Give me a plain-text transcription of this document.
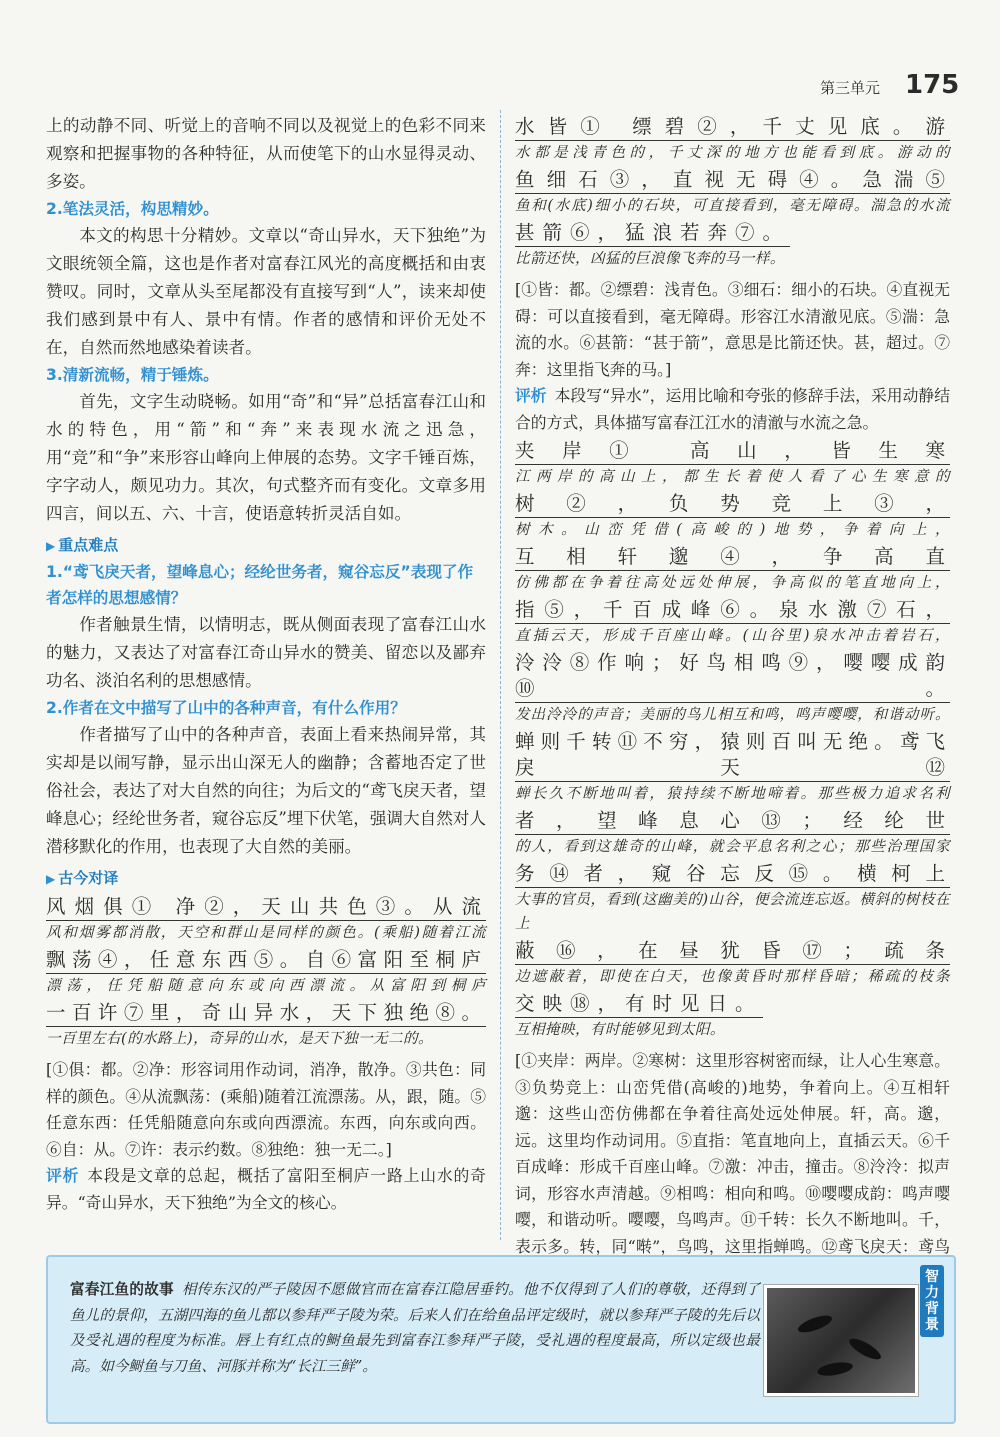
第三单元 175

上的动静不同、听觉上的音响不同以及视觉上的色彩不同来观察和把握事物的各种特征，从而使笔下的山水显得灵动、多姿。

2.笔法灵活，构思精妙。

本文的构思十分精妙。文章以“奇山异水，天下独绝”为文眼统领全篇，这也是作者对富春江风光的高度概括和由衷赞叹。同时，文章从头至尾都没有直接写到“人”，读来却使我们感到景中有人、景中有情。作者的感情和评价无处不在，自然而然地感染着读者。

3.清新流畅，精于锤炼。

首先，文字生动晓畅。如用“奇”和“异”总括富春江山和水的特色，用“箭”和“奔”来表现水流之迅急，用“竞”和“争”来形容山峰向上伸展的态势。文字千锤百炼，字字动人，颇见功力。其次，句式整齐而有变化。文章多用四言，间以五、六、十言，使语意转折灵活自如。

▶ 重点难点
1.“鸢飞戾天者，望峰息心；经纶世务者，窥谷忘反”表现了作者怎样的思想感情？

作者触景生情，以情明志，既从侧面表现了富春江山水的魅力，又表达了对富春江奇山异水的赞美、留恋以及鄙弃功名、淡泊名利的思想感情。

2.作者在文中描写了山中的各种声音，有什么作用？

作者描写了山中的各种声音，表面上看来热闹异常，其实却是以闹写静，显示出山深无人的幽静；含蓄地否定了世俗社会，表达了对大自然的向往；为后文的“鸢飞戾天者，望峰息心；经纶世务者，窥谷忘反”埋下伏笔，强调大自然对人潜移默化的作用，也表现了大自然的美丽。

▶ 古今对译
风烟俱① 净②，天山共色③。从流
风和烟雾都消散，天空和群山是同样的颜色。(乘船)随着江流
飘荡④，任意东西⑤。自⑥富阳至桐庐
漂荡，任凭船随意向东或向西漂流。从富阳到桐庐
一百许⑦里，奇山异水，天下独绝⑧。
一百里左右(的水路上)，奇异的山水，是天下独一无二的。

[①俱：都。②净：形容词用作动词，消净，散净。③共色：同样的颜色。④从流飘荡：(乘船)随着江流漂荡。从，跟，随。⑤任意东西：任凭船随意向东或向西漂流。东西，向东或向西。⑥自：从。⑦许：表示约数。⑧独绝：独一无二。]

评析 本段是文章的总起，概括了富阳至桐庐一路上山水的奇异。“奇山异水，天下独绝”为全文的核心。

水皆① 缥碧②，千丈见底。游
水都是浅青色的，千丈深的地方也能看到底。游动的
鱼细石③，直视无碍④。急湍⑤
鱼和(水底)细小的石块，可直接看到，毫无障碍。湍急的水流
甚箭⑥，猛浪若奔⑦。
比箭还快，凶猛的巨浪像飞奔的马一样。

[①皆：都。②缥碧：浅青色。③细石：细小的石块。④直视无碍：可以直接看到，毫无障碍。形容江水清澈见底。⑤湍：急流的水。⑥甚箭：“甚于箭”，意思是比箭还快。甚，超过。⑦奔：这里指飞奔的马。]

评析 本段写“异水”，运用比喻和夸张的修辞手法，采用动静结合的方式，具体描写富春江江水的清澈与水流之急。

夹岸① 高山，皆生寒
江两岸的高山上，都生长着使人看了心生寒意的
树②，负势竞上③，
树木。山峦凭借(高峻的)地势，争着向上，
互相轩邈④，争高直
仿佛都在争着往高处远处伸展，争高似的笔直地向上，
指⑤，千百成峰⑥。泉水激⑦石，
直插云天，形成千百座山峰。(山谷里)泉水冲击着岩石，
泠泠⑧作响；好鸟相鸣⑨，嘤嘤成韵⑩。
发出泠泠的声音；美丽的鸟儿相互和鸣，鸣声嘤嘤，和谐动听。
蝉则千转⑪不穷，猿则百叫无绝。鸢飞戾天⑫
蝉长久不断地叫着，猿持续不断地啼着。那些极力追求名利
者，望峰息心⑬；经纶世
的人，看到这雄奇的山峰，就会平息名利之心；那些治理国家
务⑭者，窥谷忘反⑮。横柯上
大事的官员，看到(这幽美的)山谷，便会流连忘返。横斜的树枝在上
蔽⑯，在昼犹昏⑰；疏条
边遮蔽着，即使在白天，也像黄昏时那样昏暗；稀疏的枝条
交映⑱，有时见日。
互相掩映，有时能够见到太阳。

[①夹岸：两岸。②寒树：这里形容树密而绿，让人心生寒意。③负势竞上：山峦凭借(高峻的)地势，争着向上。④互相轩邈：这些山峦仿佛都在争着往高处远处伸展。轩，高。邈，远。这里均作动词用。⑤直指：笔直地向上，直插云天。⑥千百成峰：形成千百座山峰。⑦激：冲击，撞击。⑧泠泠：拟声词，形容水声清越。⑨相鸣：相向和鸣。⑩嘤嘤成韵：鸣声嘤嘤，和谐动听。嘤嘤，鸟鸣声。⑪千转：长久不断地叫。千，表示多。转，同“啭”，鸟鸣，这里指蝉鸣。⑫鸢飞戾天：鸢鸟

富春江鱼的故事 相传东汉的严子陵因不愿做官而在富春江隐居垂钓。他不仅得到了人们的尊敬，还得到了鱼儿的景仰，五湖四海的鱼儿都以参拜严子陵为荣。后来人们在给鱼品评定级时，就以参拜严子陵的先后以及受礼遇的程度为标准。唇上有红点的鲥鱼最先到富春江参拜严子陵，受礼遇的程度最高，所以定级也最高。如今鲥鱼与刀鱼、河豚并称为“长江三鲜”。
智力背景
